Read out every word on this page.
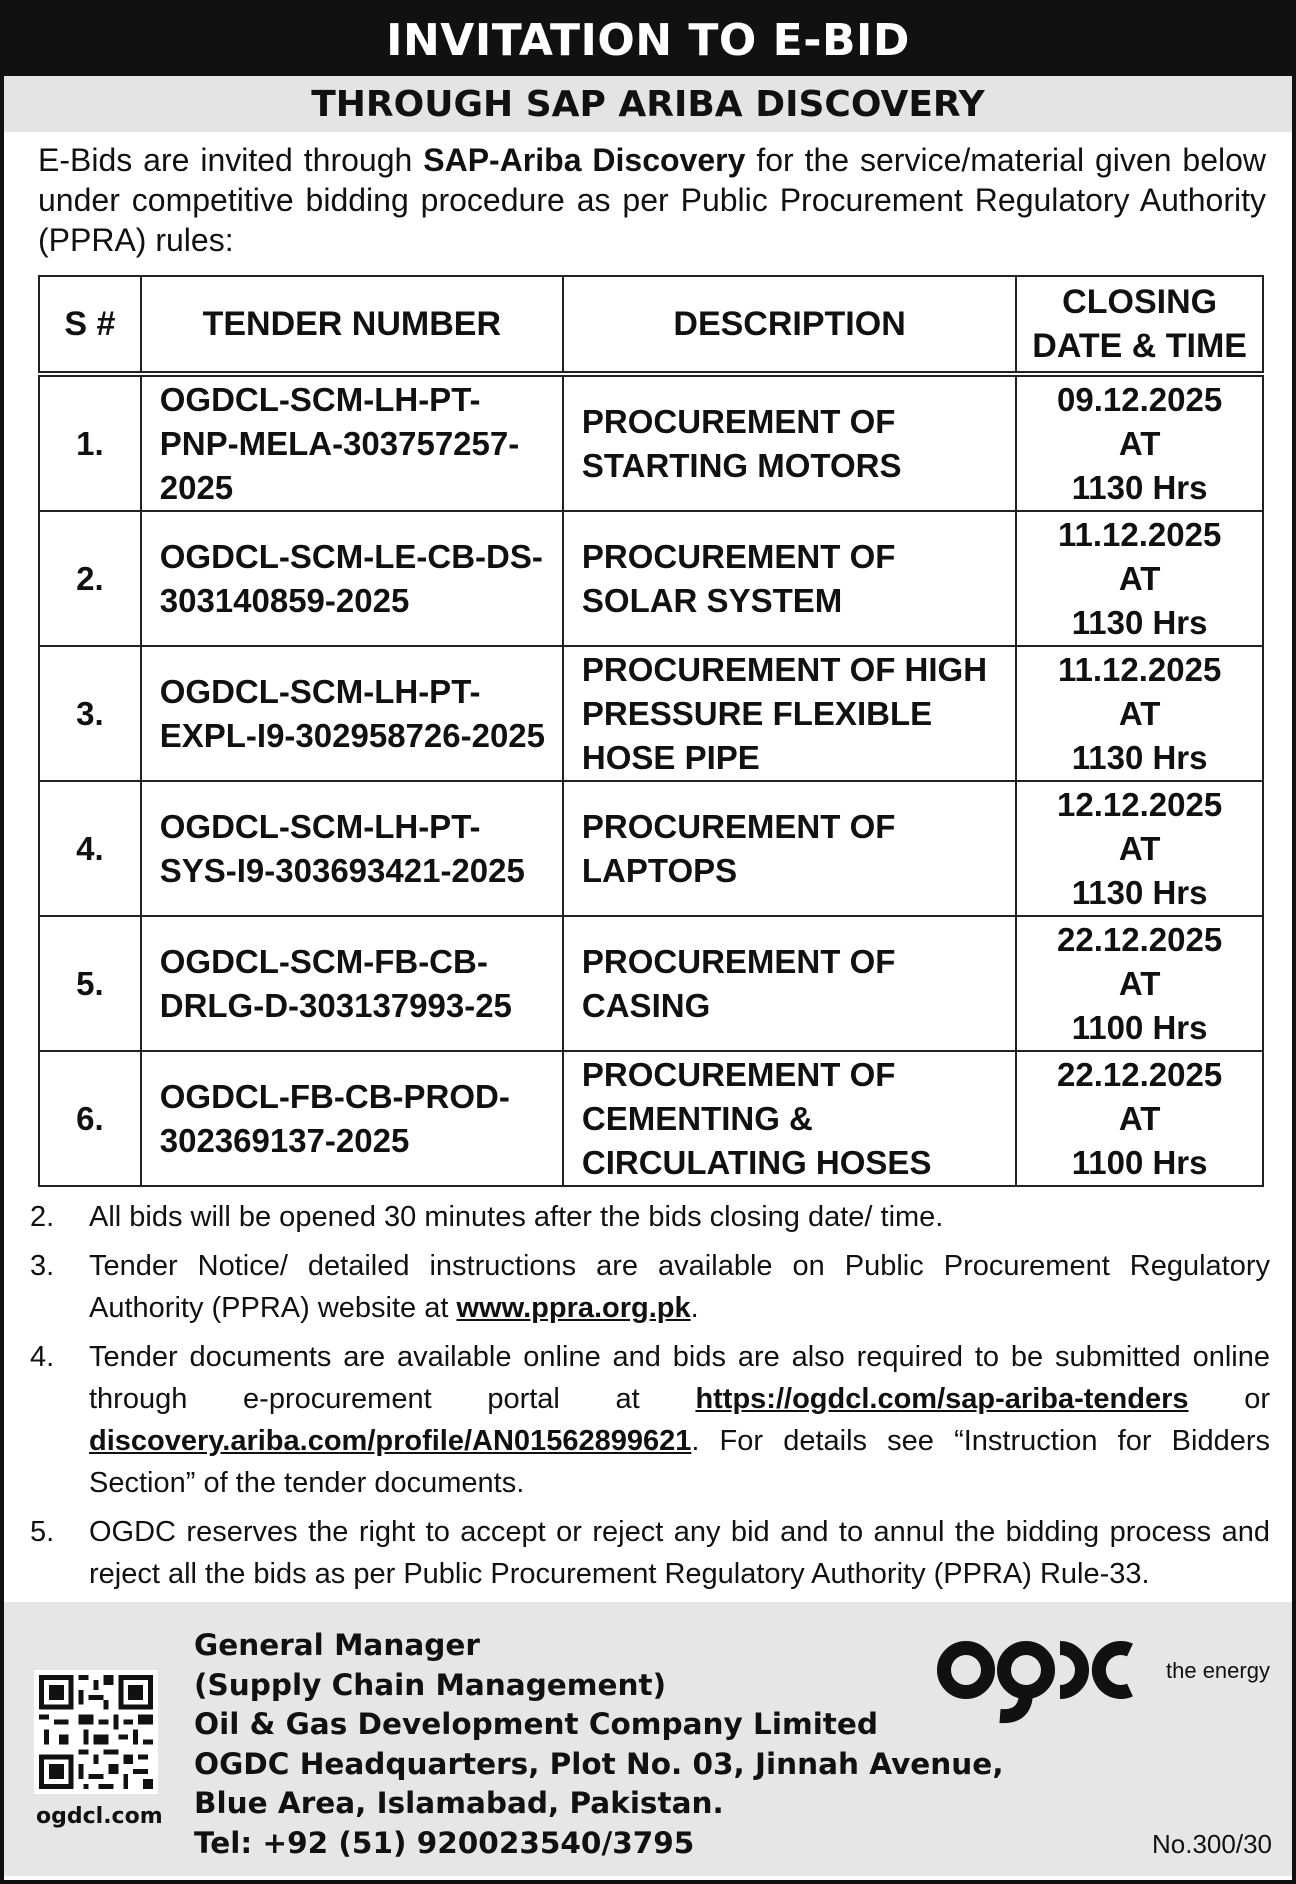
INVITATION TO E-BID
THROUGH SAP ARIBA DISCOVERY

E-Bids are invited through SAP-Ariba Discovery for the service/material given below under competitive bidding procedure as per Public Procurement Regulatory Authority (PPRA) rules:

S #	TENDER NUMBER	DESCRIPTION	CLOSING
DATE & TIME
1.	OGDCL-SCM-LH-PT-PNP-MELA-303757257-2025	PROCUREMENT OF STARTING MOTORS	09.12.2025
AT
1130 Hrs
2.	OGDCL-SCM-LE-CB-DS-303140859-2025	PROCUREMENT OF SOLAR SYSTEM	11.12.2025
AT
1130 Hrs
3.	OGDCL-SCM-LH-PT-EXPL-I9-302958726-2025	PROCUREMENT OF HIGH PRESSURE FLEXIBLE HOSE PIPE	11.12.2025
AT
1130 Hrs
4.	OGDCL-SCM-LH-PT-SYS-I9-303693421-2025	PROCUREMENT OF LAPTOPS	12.12.2025
AT
1130 Hrs
5.	OGDCL-SCM-FB-CB-DRLG-D-303137993-25	PROCUREMENT OF CASING	22.12.2025
AT
1100 Hrs
6.	OGDCL-FB-CB-PROD-302369137-2025	PROCUREMENT OF CEMENTING & CIRCULATING HOSES	22.12.2025
AT
1100 Hrs
2.	All bids will be opened 30 minutes after the bids closing date/ time.
3.	Tender Notice/ detailed instructions are available on Public Procurement Regulatory Authority (PPRA) website at www.ppra.org.pk.
4.	Tender documents are available online and bids are also required to be submitted online through e-procurement portal at https://ogdcl.com/sap-ariba-tenders or discovery.ariba.com/profile/AN01562899621. For details see “Instruction for Bidders Section” of the tender documents.
5.	OGDC reserves the right to accept or reject any bid and to annul the bidding process and reject all the bids as per Public Procurement Regulatory Authority (PPRA) Rule-33.
ogdcl.com
General Manager
(Supply Chain Management)
Oil & Gas Development Company Limited
OGDC Headquarters, Plot No. 03, Jinnah Avenue,
Blue Area, Islamabad, Pakistan.
Tel: +92 (51) 920023540/3795
the energy
No.300/30
